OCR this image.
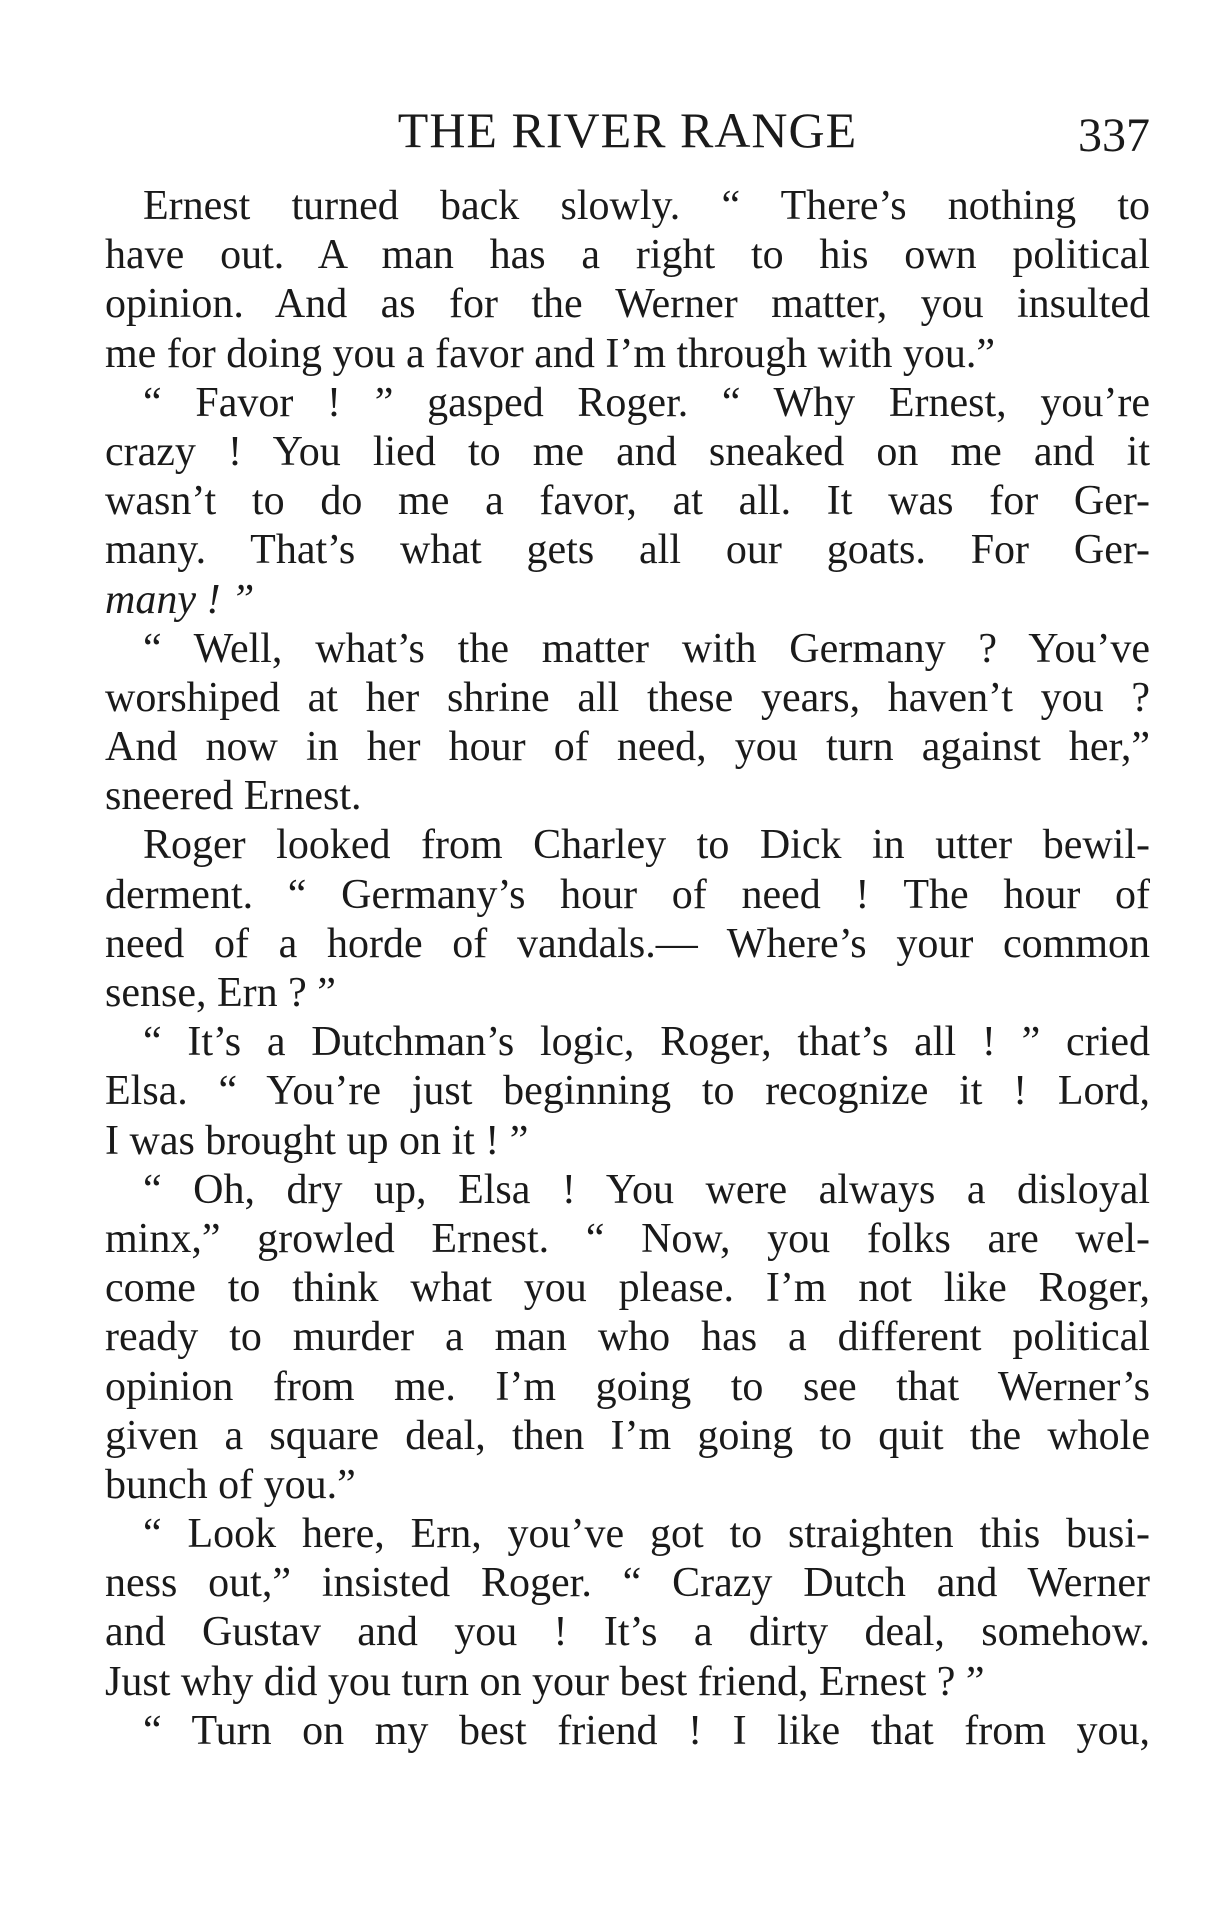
THE RIVER RANGE	337
Ernest turned back slowly. “ There’s nothing to
have out. A man has a right to his own political
opinion. And as for the Werner matter, you insulted
me for doing you a favor and I’m through with you.”
“ Favor ! ” gasped Roger. “ Why Ernest, you’re
crazy ! You lied to me and sneaked on me and it
wasn’t to do me a favor, at all. It was for Ger-
many. That’s what gets all our goats. For Ger-
many ! ”
“ Well, what’s the matter with Germany ? You’ve
worshiped at her shrine all these years, haven’t you ?
And now in her hour of need, you turn against her,”
sneered Ernest.
Roger looked from Charley to Dick in utter bewil-
derment. “ Germany’s hour of need ! The hour of
need of a horde of vandals.— Where’s your common
sense, Ern ? ”
“ It’s a Dutchman’s logic, Roger, that’s all ! ” cried
Elsa. “ You’re just beginning to recognize it ! Lord,
I was brought up on it ! ”
“ Oh, dry up, Elsa ! You were always a disloyal
minx,” growled Ernest. “ Now, you folks are wel-
come to think what you please. I’m not like Roger,
ready to murder a man who has a different political
opinion from me. I’m going to see that Werner’s
given a square deal, then I’m going to quit the whole
bunch of you.”
“ Look here, Ern, you’ve got to straighten this busi-
ness out,” insisted Roger. “ Crazy Dutch and Werner
and Gustav and you ! It’s a dirty deal, somehow.
Just why did you turn on your best friend, Ernest ? ”
“ Turn on my best friend ! I like that from you,
